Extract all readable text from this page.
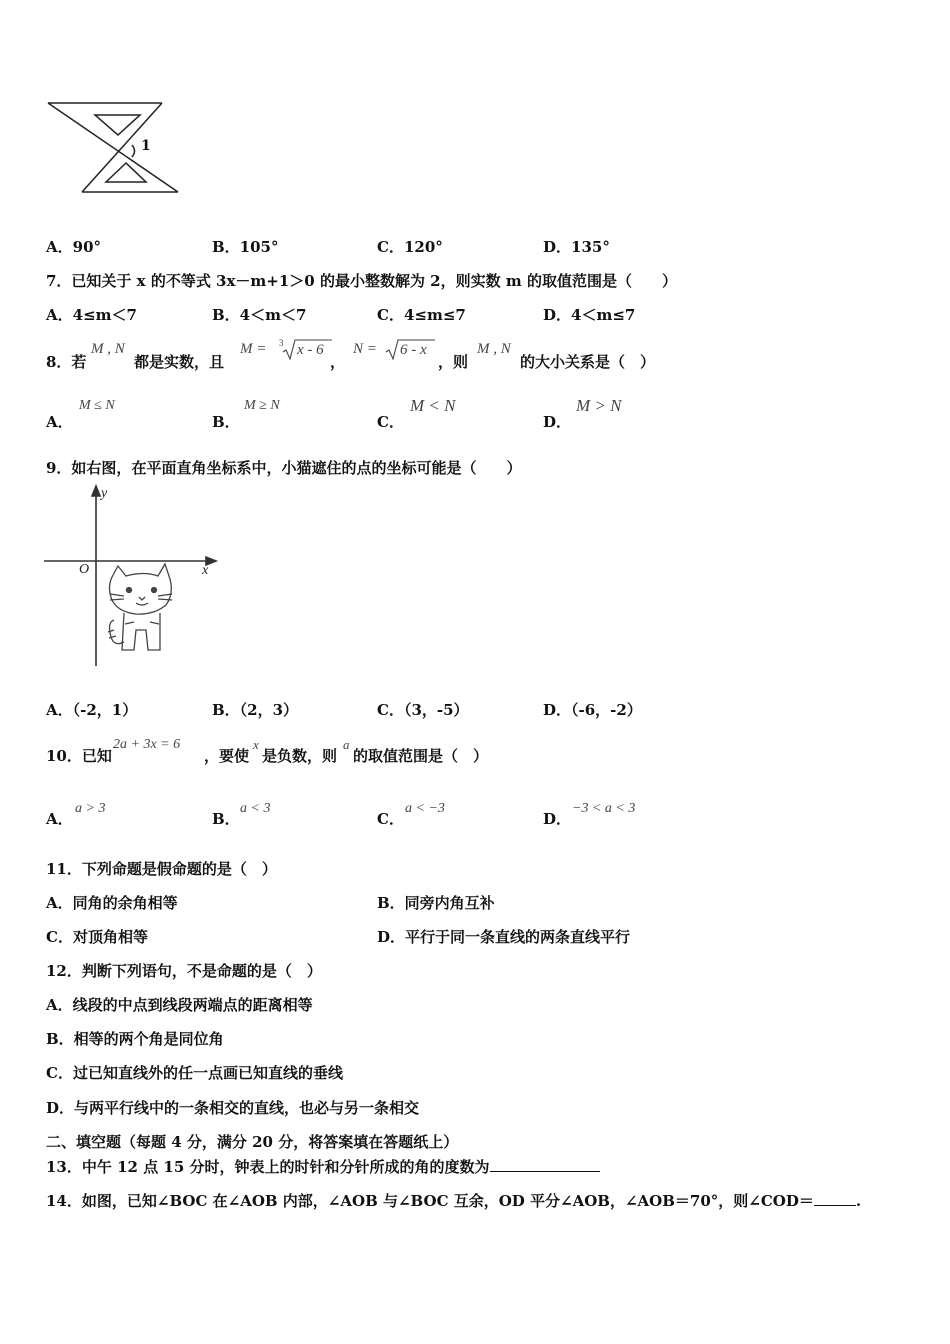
1
A．90°	B．105°	C．120°	D．135°
7．已知关于 x 的不等式 3x－m+1＞0 的最小整数解为 2，则实数 m 的取值范围是（　　）
A．4≤m＜7	B．4＜m＜7	C．4≤m≤7	D．4＜m≤7
8．若
M , N
都是实数，且
M = 3 x - 6
，
N = 6 - x
，则
M , N
的大小关系是（　）
A．
M ≤ N
B．
M ≥ N
C．
M < N
D．
M > N
9．如右图，在平面直角坐标系中，小猫遮住的点的坐标可能是（　　）
y
x
O
A．（-2，1）	B．（2，3）	C．（3，-5）	D．（-6，-2）
10．已知
2a + 3x = 6
，要使
x
是负数，则
a
的取值范围是（　）
A．
a > 3
B．
a < 3
C．
a < −3
D．
−3 < a < 3
11．下列命题是假命题的是（　）
A．同角的余角相等	B．同旁内角互补
C．对顶角相等	D．平行于同一条直线的两条直线平行
12．判断下列语句，不是命题的是（　）
A．线段的中点到线段两端点的距离相等
B．相等的两个角是同位角
C．过已知直线外的任一点画已知直线的垂线
D．与两平行线中的一条相交的直线，也必与另一条相交
二、填空题（每题 4 分，满分 20 分，将答案填在答题纸上）
13．中午 12 点 15 分时，钟表上的时针和分针所成的角的度数为
14．如图，已知∠BOC 在∠AOB 内部，∠AOB 与∠BOC 互余，OD 平分∠AOB，∠AOB＝70°，则∠COD＝	.
